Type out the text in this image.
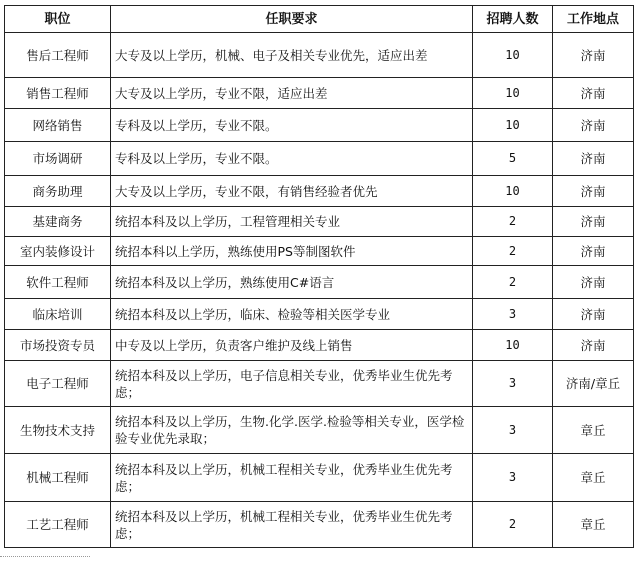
职位	任职要求	招聘人数	工作地点
售后工程师	大专及以上学历，机械、电子及相关专业优先，适应出差	10	济南
销售工程师	大专及以上学历，专业不限，适应出差	10	济南
网络销售	专科及以上学历，专业不限。	10	济南
市场调研	专科及以上学历，专业不限。	5	济南
商务助理	大专及以上学历，专业不限，有销售经验者优先	10	济南
基建商务	统招本科及以上学历，工程管理相关专业	2	济南
室内装修设计	统招本科以上学历，熟练使用PS等制图软件	2	济南
软件工程师	统招本科及以上学历，熟练使用C#语言	2	济南
临床培训	统招本科及以上学历，临床、检验等相关医学专业	3	济南
市场投资专员	中专及以上学历，负责客户维护及线上销售	10	济南
电子工程师	统招本科及以上学历，电子信息相关专业，优秀毕业生优先考虑；	3	济南/章丘
生物技术支持	统招本科及以上学历，生物.化学.医学.检验等相关专业，医学检验专业优先录取；	3	章丘
机械工程师	统招本科及以上学历，机械工程相关专业，优秀毕业生优先考虑；	3	章丘
工艺工程师	统招本科及以上学历，机械工程相关专业，优秀毕业生优先考虑；	2	章丘
